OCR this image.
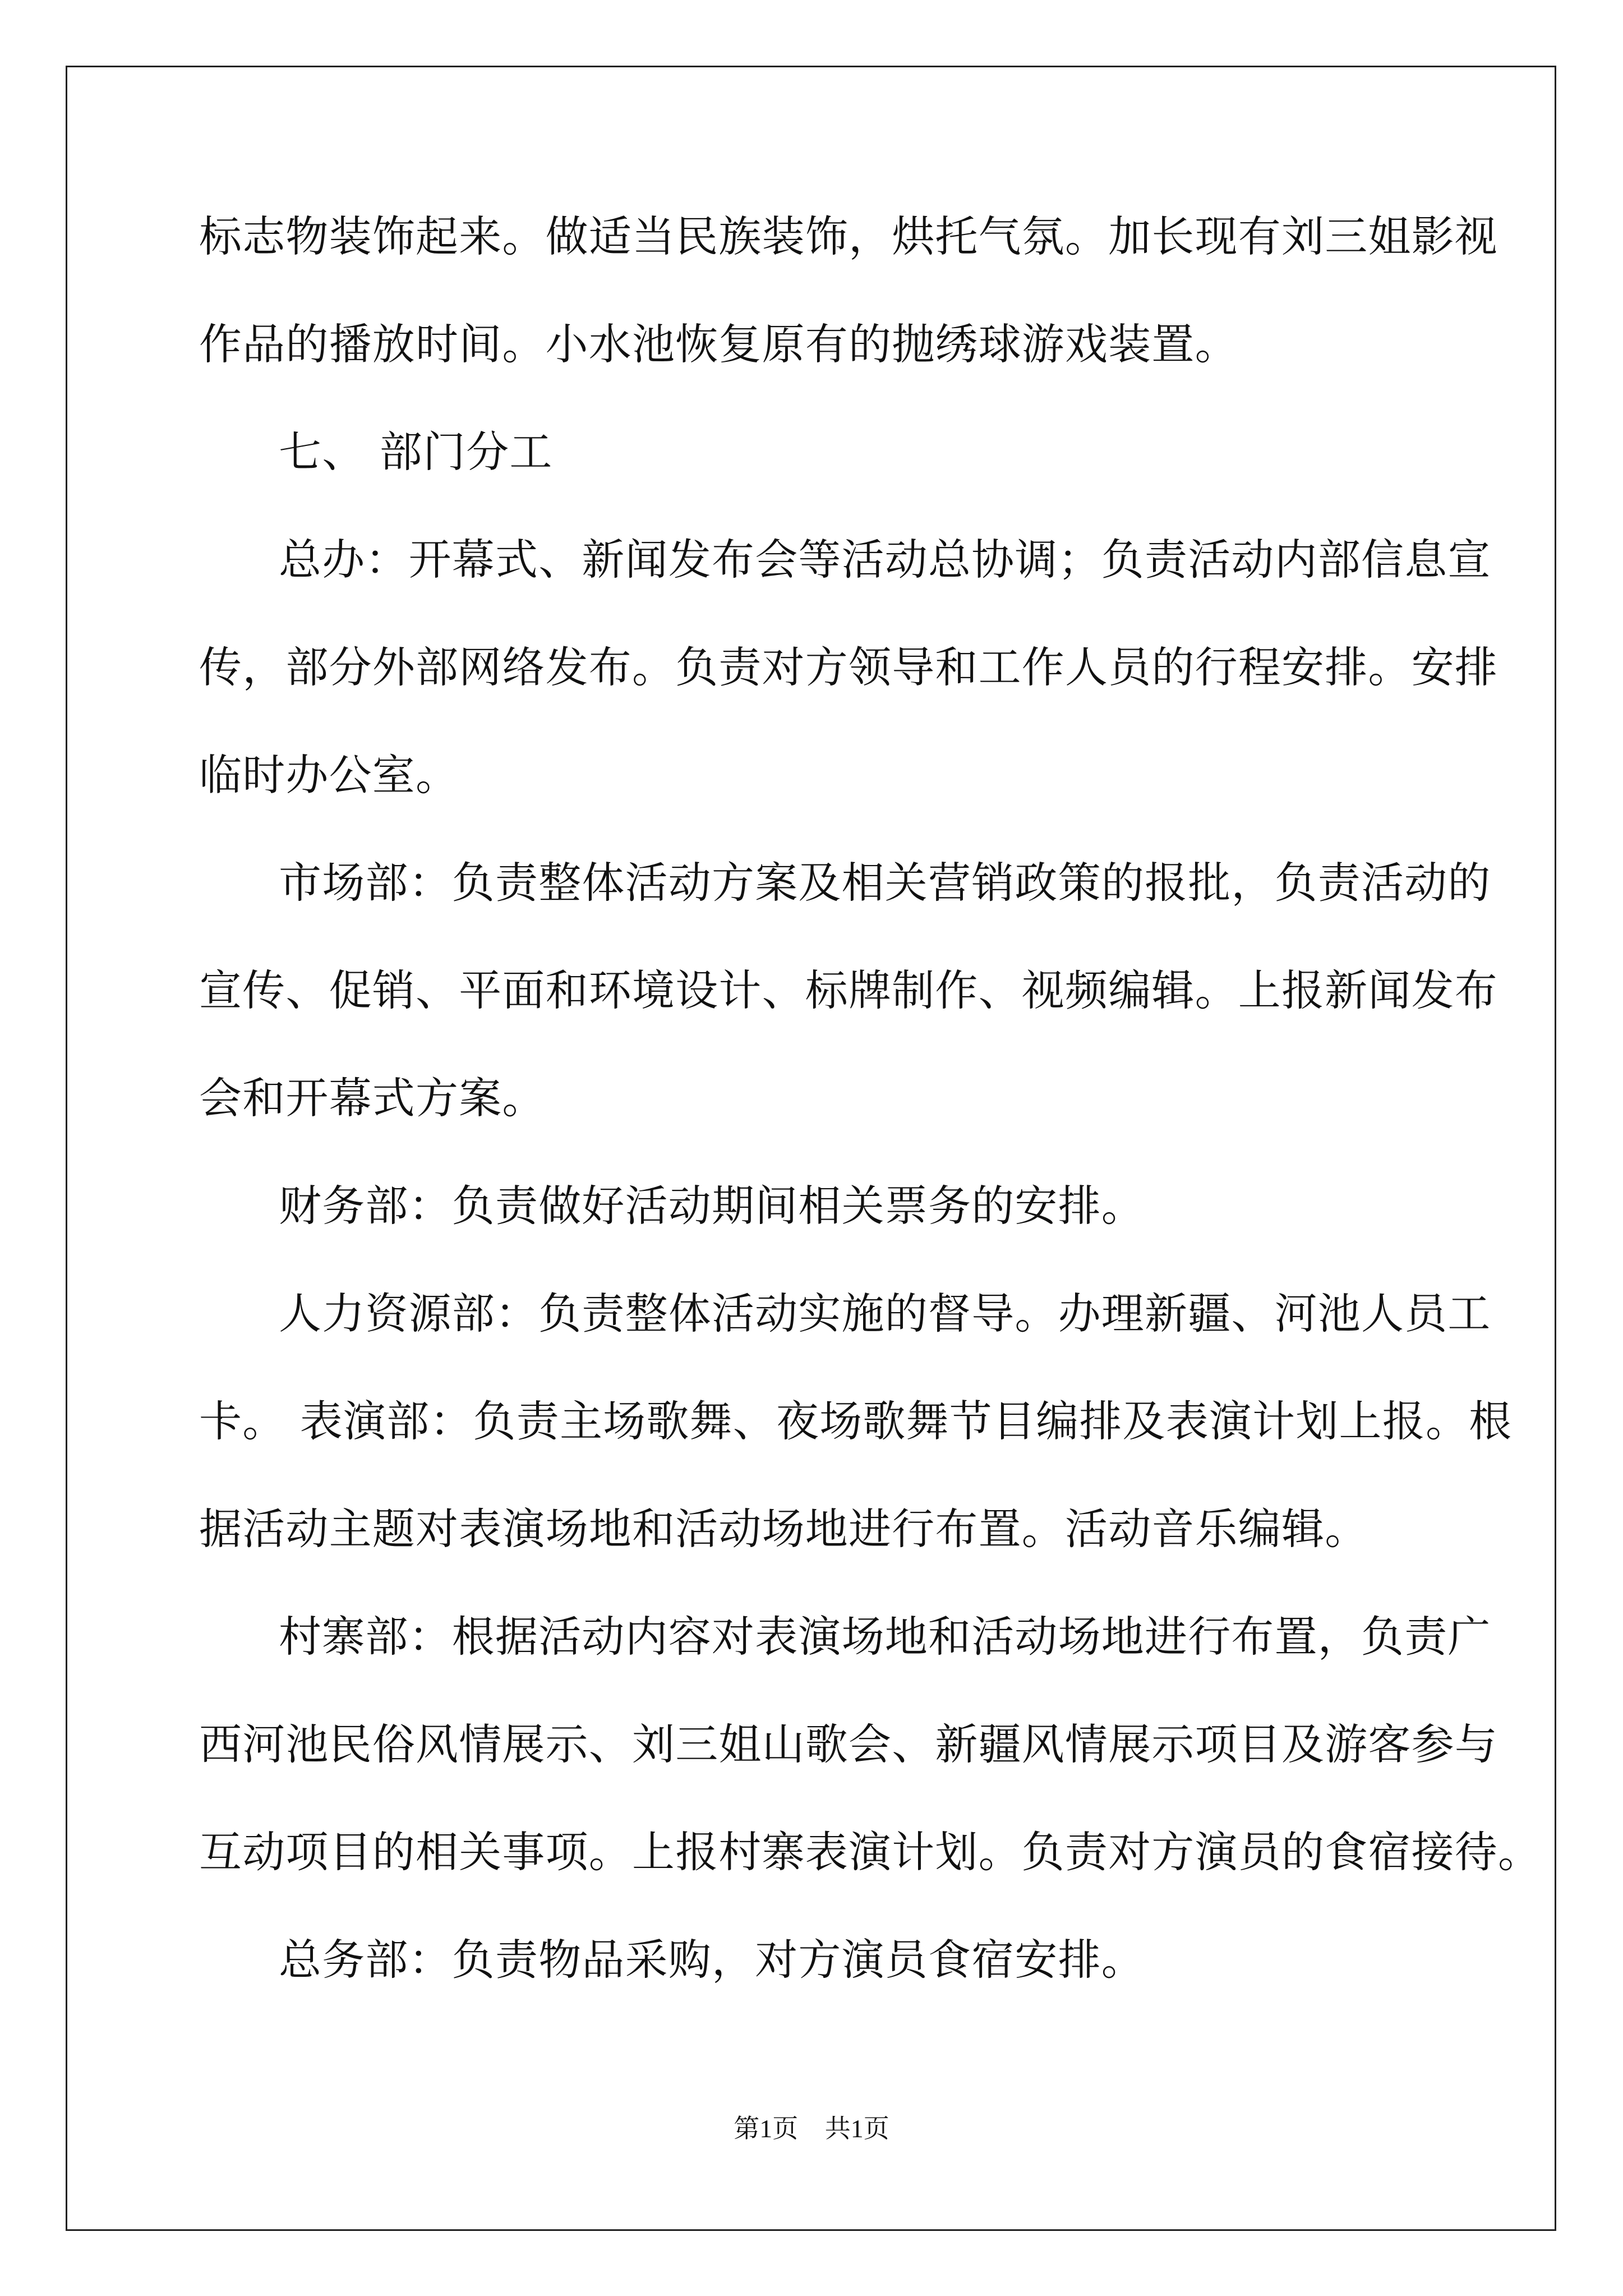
标志物装饰起来。做适当民族装饰，烘托气氛。加长现有刘三姐影视
作品的播放时间。小水池恢复原有的抛绣球游戏装置。
七、 部门分工
总办：开幕式、新闻发布会等活动总协调；负责活动内部信息宣
传，部分外部网络发布。负责对方领导和工作人员的行程安排。安排
临时办公室。
市场部：负责整体活动方案及相关营销政策的报批，负责活动的
宣传、促销、平面和环境设计、标牌制作、视频编辑。上报新闻发布
会和开幕式方案。
财务部：负责做好活动期间相关票务的安排。
人力资源部：负责整体活动实施的督导。办理新疆、河池人员工
卡。 表演部：负责主场歌舞、夜场歌舞节目编排及表演计划上报。根
据活动主题对表演场地和活动场地进行布置。活动音乐编辑。
村寨部：根据活动内容对表演场地和活动场地进行布置，负责广
西河池民俗风情展示、刘三姐山歌会、新疆风情展示项目及游客参与
互动项目的相关事项。上报村寨表演计划。负责对方演员的食宿接待。
总务部：负责物品采购，对方演员食宿安排。
第1页 共1页
